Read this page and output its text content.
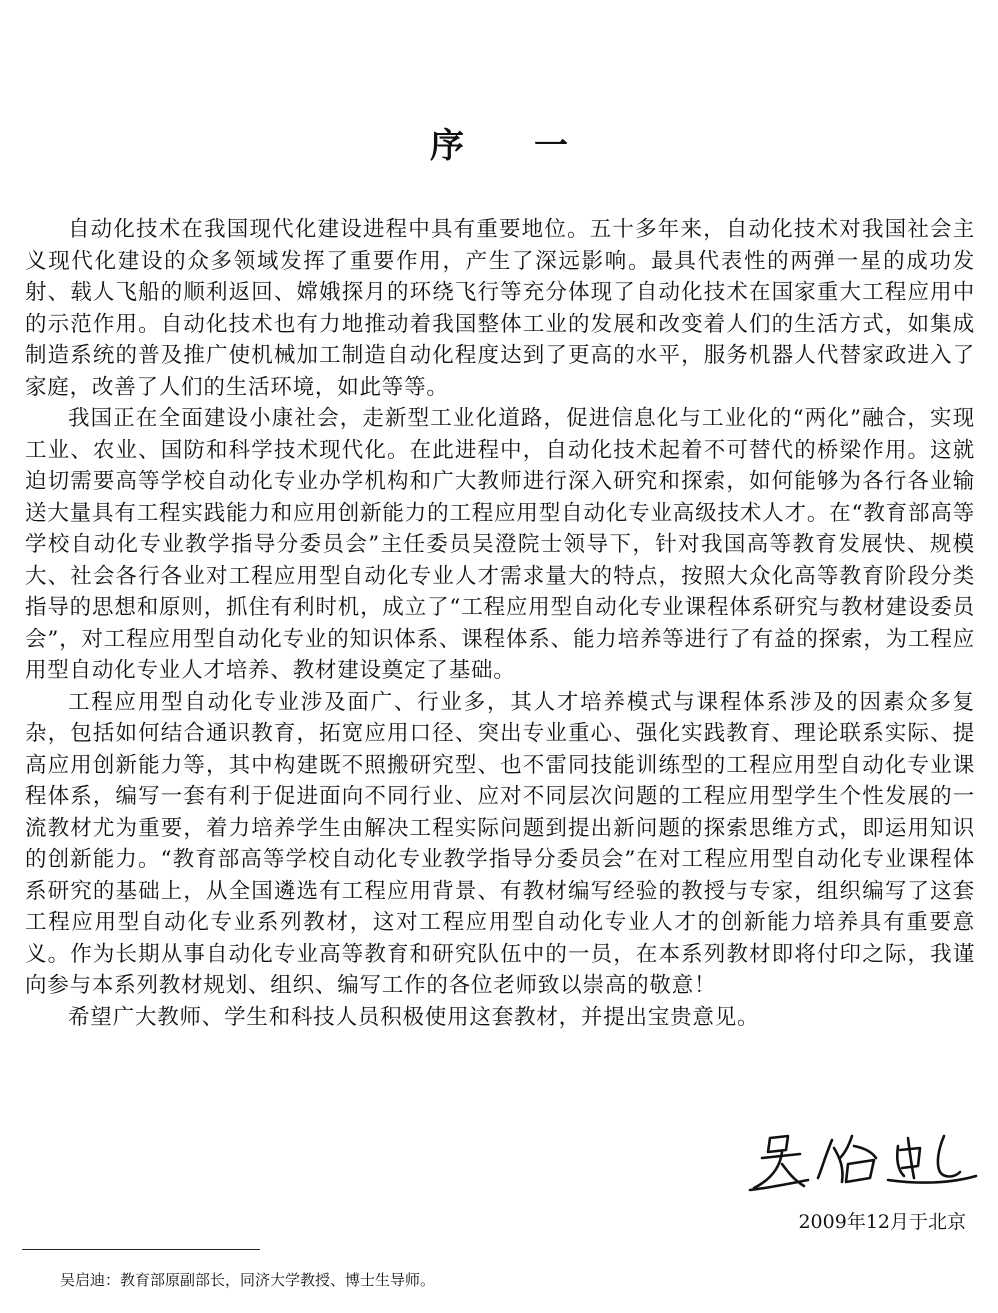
序一

自动化技术在我国现代化建设进程中具有重要地位。五十多年来，自动化技术对我国社会主义现代化建设的众多领域发挥了重要作用，产生了深远影响。最具代表性的两弹一星的成功发射、载人飞船的顺利返回、嫦娥探月的环绕飞行等充分体现了自动化技术在国家重大工程应用中的示范作用。自动化技术也有力地推动着我国整体工业的发展和改变着人们的生活方式，如集成制造系统的普及推广使机械加工制造自动化程度达到了更高的水平，服务机器人代替家政进入了家庭，改善了人们的生活环境，如此等等。

我国正在全面建设小康社会，走新型工业化道路，促进信息化与工业化的“两化”融合，实现工业、农业、国防和科学技术现代化。在此进程中，自动化技术起着不可替代的桥梁作用。这就迫切需要高等学校自动化专业办学机构和广大教师进行深入研究和探索，如何能够为各行各业输送大量具有工程实践能力和应用创新能力的工程应用型自动化专业高级技术人才。在“教育部高等学校自动化专业教学指导分委员会”主任委员吴澄院士领导下，针对我国高等教育发展快、规模大、社会各行各业对工程应用型自动化专业人才需求量大的特点，按照大众化高等教育阶段分类指导的思想和原则，抓住有利时机，成立了“工程应用型自动化专业课程体系研究与教材建设委员会”，对工程应用型自动化专业的知识体系、课程体系、能力培养等进行了有益的探索，为工程应用型自动化专业人才培养、教材建设奠定了基础。

工程应用型自动化专业涉及面广、行业多，其人才培养模式与课程体系涉及的因素众多复杂，包括如何结合通识教育，拓宽应用口径、突出专业重心、强化实践教育、理论联系实际、提高应用创新能力等，其中构建既不照搬研究型、也不雷同技能训练型的工程应用型自动化专业课程体系，编写一套有利于促进面向不同行业、应对不同层次问题的工程应用型学生个性发展的一流教材尤为重要，着力培养学生由解决工程实际问题到提出新问题的探索思维方式，即运用知识的创新能力。“教育部高等学校自动化专业教学指导分委员会”在对工程应用型自动化专业课程体系研究的基础上，从全国遴选有工程应用背景、有教材编写经验的教授与专家，组织编写了这套工程应用型自动化专业系列教材，这对工程应用型自动化专业人才的创新能力培养具有重要意义。作为长期从事自动化专业高等教育和研究队伍中的一员，在本系列教材即将付印之际，我谨向参与本系列教材规划、组织、编写工作的各位老师致以崇高的敬意！

希望广大教师、学生和科技人员积极使用这套教材，并提出宝贵意见。

2009年12月于北京
吴启迪：教育部原副部长，同济大学教授、博士生导师。
